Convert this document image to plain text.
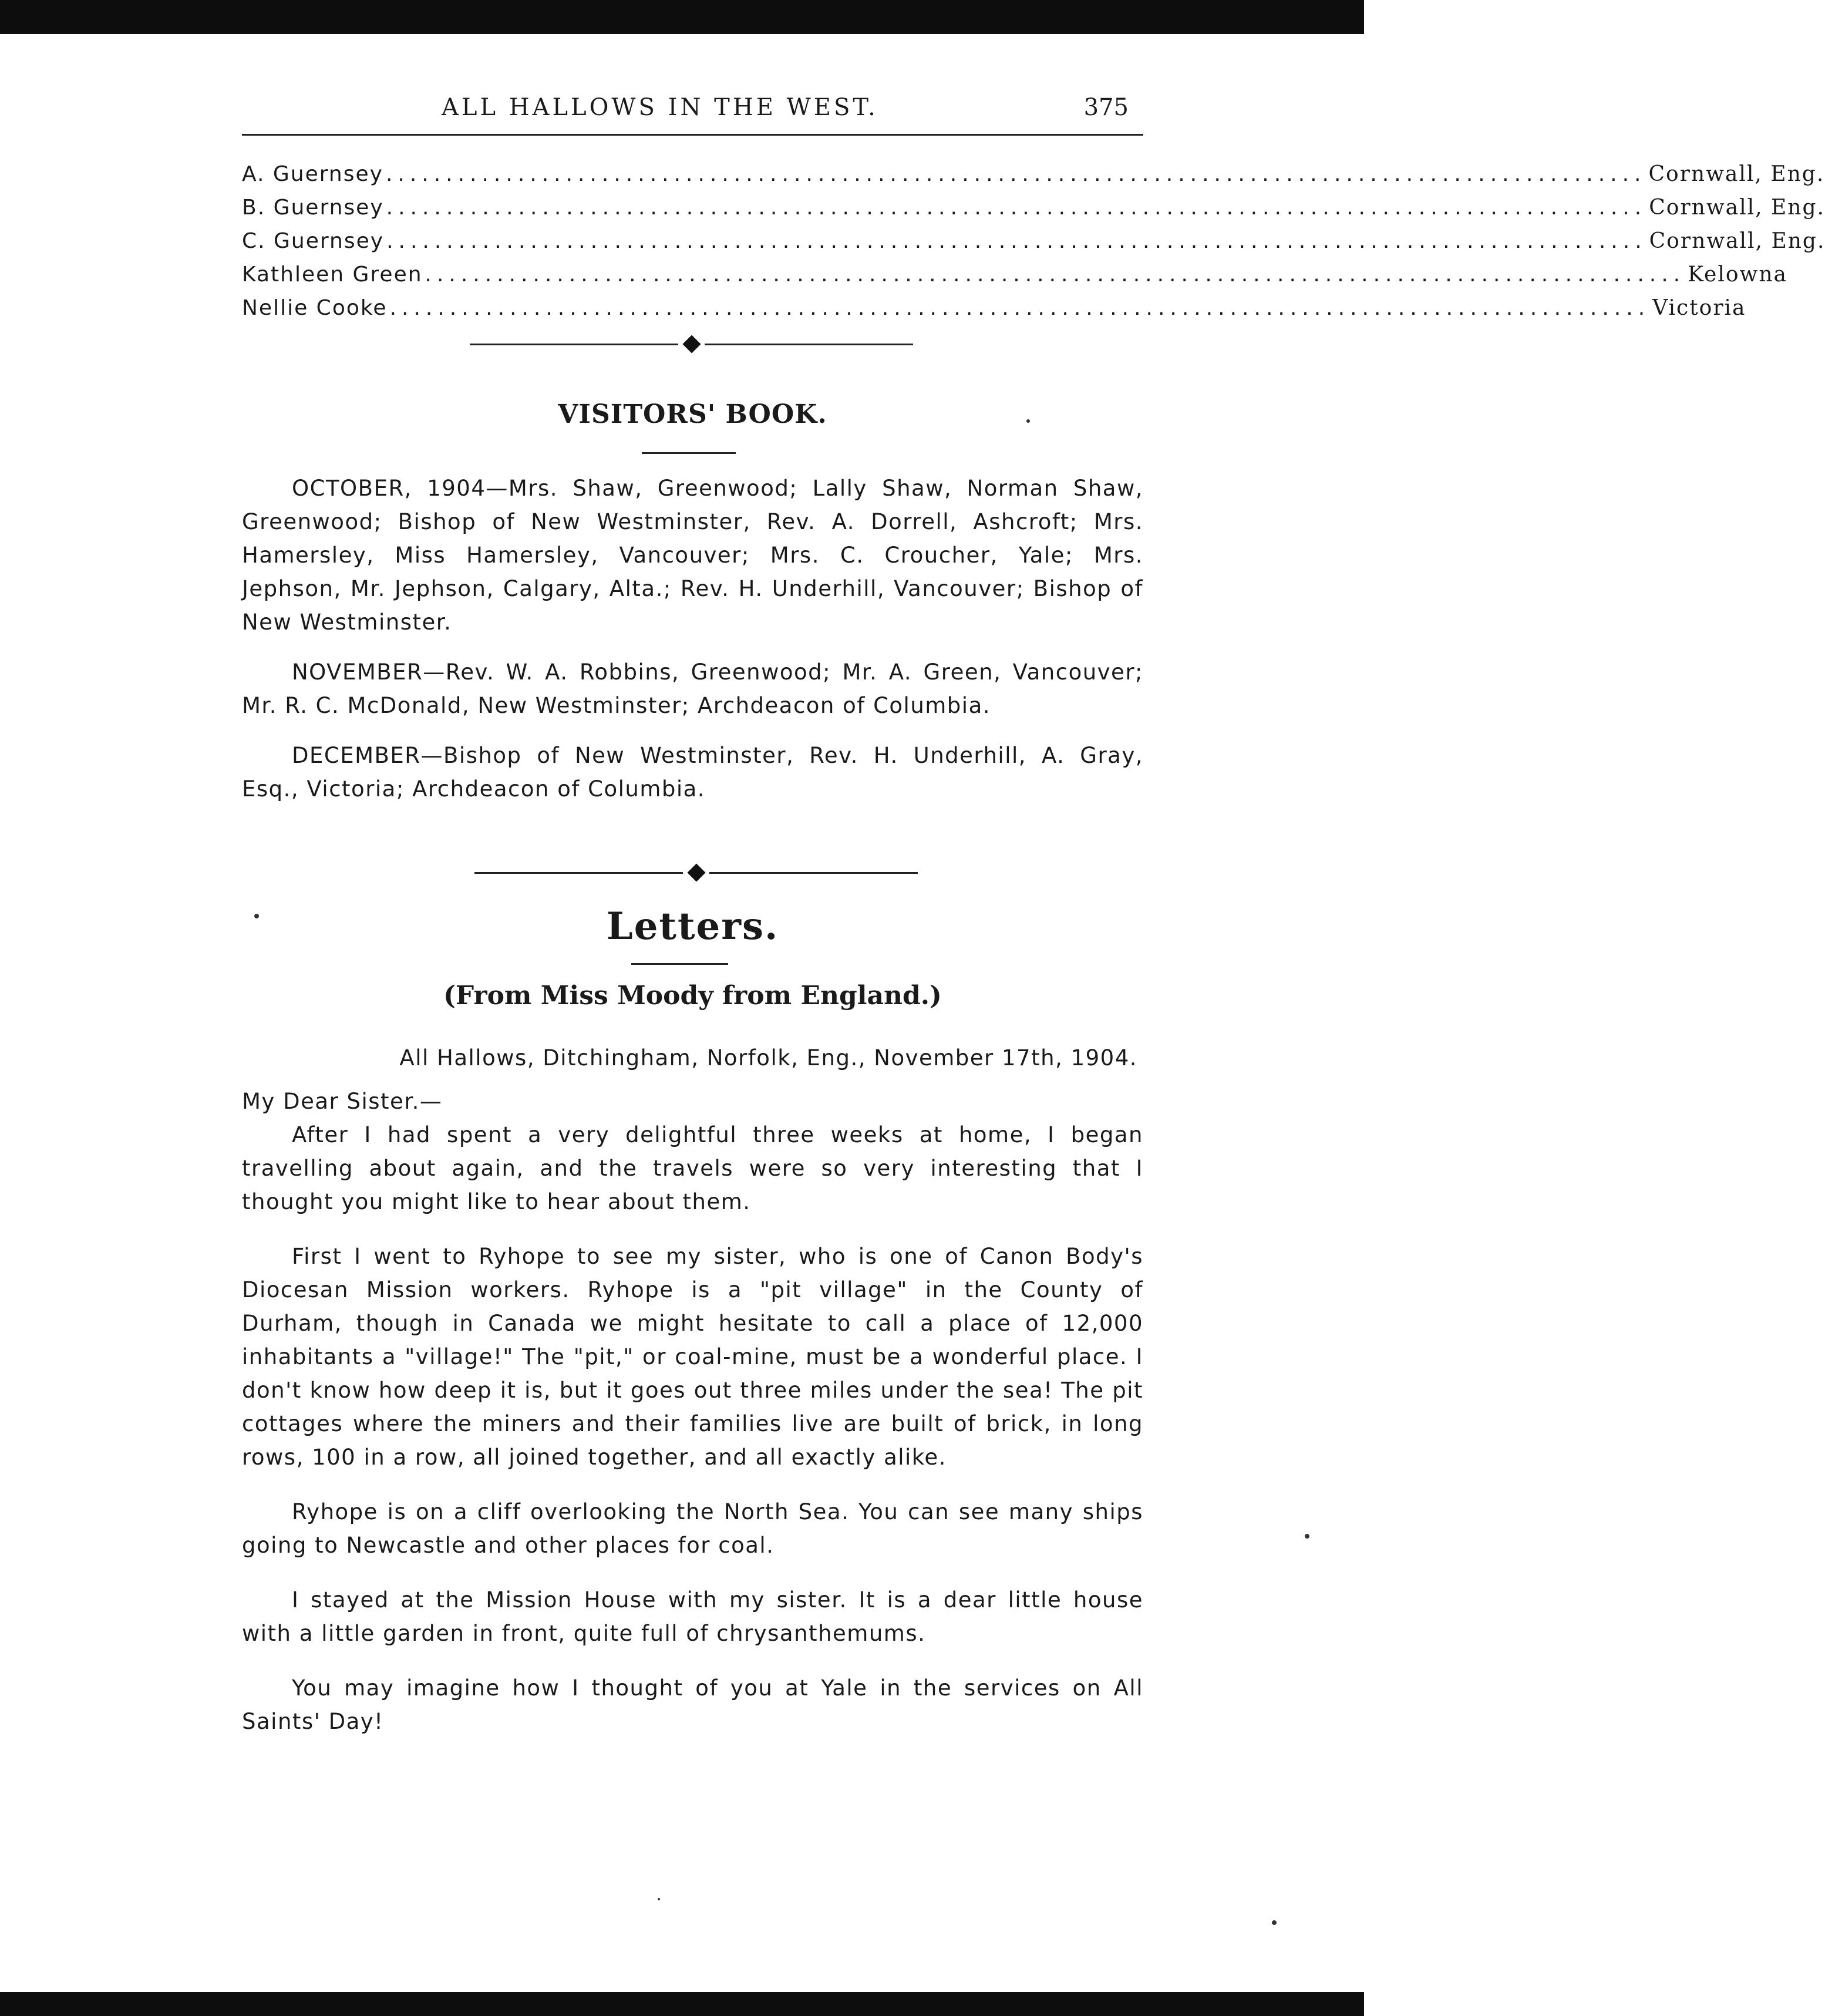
ALL HALLOWS IN THE WEST.	375
A. Guernsey ......................................................................................................... Cornwall, Eng.
B. Guernsey ......................................................................................................... Cornwall, Eng.
C. Guernsey ......................................................................................................... Cornwall, Eng.
Kathleen Green ......................................................................................................... Kelowna
Nellie Cooke ......................................................................................................... Victoria
VISITORS' BOOK.

OCTOBER, 1904—Mrs. Shaw, Greenwood; Lally Shaw, Norman Shaw, Greenwood; Bishop of New Westminster, Rev. A. Dorrell, Ashcroft; Mrs. Hamersley, Miss Hamersley, Vancouver; Mrs. C. Croucher, Yale; Mrs. Jephson, Mr. Jephson, Calgary, Alta.; Rev. H. Underhill, Vancouver; Bishop of New Westminster.

NOVEMBER—Rev. W. A. Robbins, Greenwood; Mr. A. Green, Vancouver; Mr. R. C. McDonald, New Westminster; Archdeacon of Columbia.

DECEMBER—Bishop of New Westminster, Rev. H. Underhill, A. Gray, Esq., Victoria; Archdeacon of Columbia.

Letters.
(From Miss Moody from England.)

All Hallows, Ditchingham, Norfolk, Eng., November 17th, 1904.

My Dear Sister.—

After I had spent a very delightful three weeks at home, I began travelling about again, and the travels were so very interesting that I thought you might like to hear about them.

First I went to Ryhope to see my sister, who is one of Canon Body's Diocesan Mission workers. Ryhope is a "pit village" in the County of Durham, though in Canada we might hesitate to call a place of 12,000 inhabitants a "village!" The "pit," or coal-mine, must be a wonderful place. I don't know how deep it is, but it goes out three miles under the sea! The pit cottages where the miners and their families live are built of brick, in long rows, 100 in a row, all joined together, and all exactly alike.

Ryhope is on a cliff overlooking the North Sea. You can see many ships going to Newcastle and other places for coal.

I stayed at the Mission House with my sister. It is a dear little house with a little garden in front, quite full of chrysanthemums.

You may imagine how I thought of you at Yale in the services on All Saints' Day!
